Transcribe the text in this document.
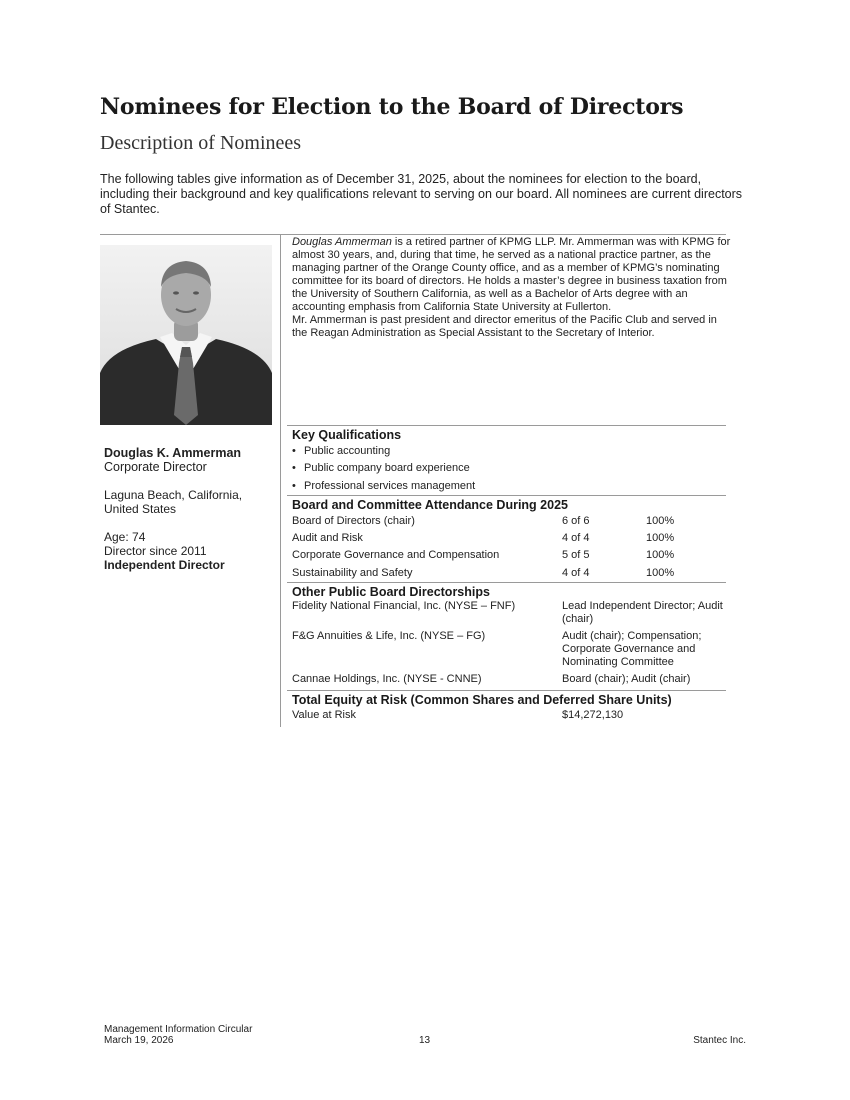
Nominees for Election to the Board of Directors
Description of Nominees

The following tables give information as of December 31, 2025, about the nominees for election to the board, including their background and key qualifications relevant to serving on our board. All nominees are current directors of Stantec.

Douglas K. Ammerman
Corporate Director
Laguna Beach, California,
United States
Age: 74
Director since 2011
Independent Director

Douglas Ammerman is a retired partner of KPMG LLP. Mr. Ammerman was with KPMG for almost 30 years, and, during that time, he served as a national practice partner, as the managing partner of the Orange County office, and as a member of KPMG’s nominating committee for its board of directors. He holds a master’s degree in business taxation from the University of Southern California, as well as a Bachelor of Arts degree with an accounting emphasis from California State University at Fullerton.

Mr. Ammerman is past president and director emeritus of the Pacific Club and served in the Reagan Administration as Special Assistant to the Secretary of Interior.

Key Qualifications
• Public accounting
• Public company board experience
• Professional services management
Board and Committee Attendance During 2025
Board of Directors (chair)	6 of 6	100%
Audit and Risk	4 of 4	100%
Corporate Governance and Compensation	5 of 5	100%
Sustainability and Safety	4 of 4	100%
Other Public Board Directorships
Fidelity National Financial, Inc. (NYSE – FNF)	Lead Independent Director; Audit (chair)
F&G Annuities & Life, Inc. (NYSE – FG)	Audit (chair); Compensation; Corporate Governance and Nominating Committee
Cannae Holdings, Inc. (NYSE - CNNE)	Board (chair); Audit (chair)
Total Equity at Risk (Common Shares and Deferred Share Units)
Value at Risk	$14,272,130
Management Information Circular
March 19, 2026	13	Stantec Inc.
